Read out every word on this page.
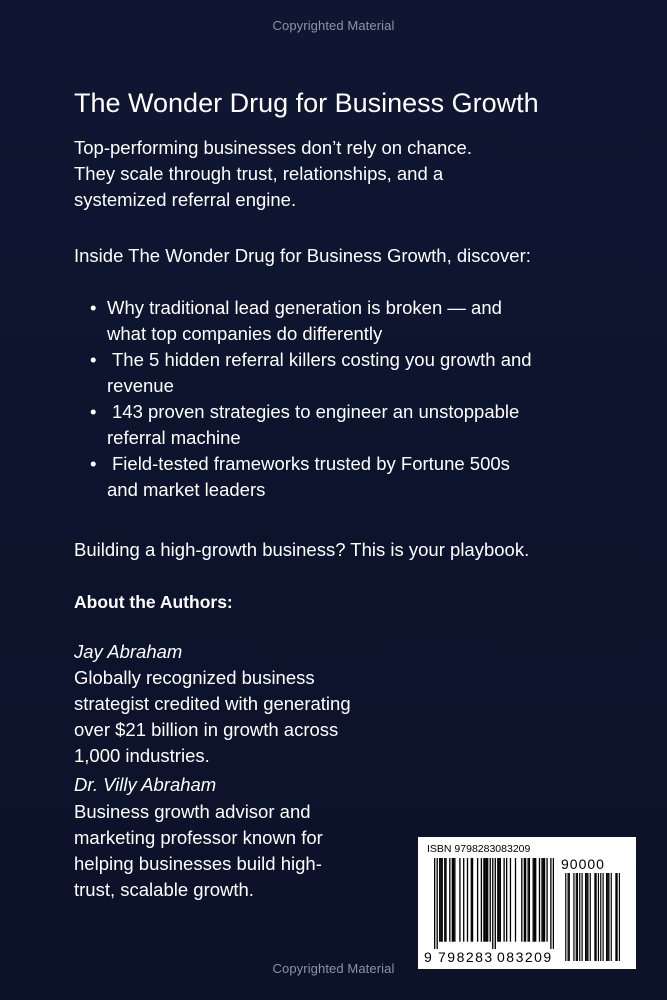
Copyrighted Material
The Wonder Drug for Business Growth

Top-performing businesses don’t rely on chance.
They scale through trust, relationships, and a
systemized referral engine.

Inside The Wonder Drug for Business Growth, discover:

• Why traditional lead generation is broken — and
what top companies do differently
• The 5 hidden referral killers costing you growth and
revenue
• 143 proven strategies to engineer an unstoppable
referral machine
• Field-tested frameworks trusted by Fortune 500s
and market leaders

Building a high-growth business? This is your playbook.

About the Authors:

Jay Abraham

Globally recognized business
strategist credited with generating
over $21 billion in growth across
1,000 industries.

Dr. Villy Abraham

Business growth advisor and
marketing professor known for
helping businesses build high-
trust, scalable growth.

ISBN 9798283083209
90000
9 798283 083209
Copyrighted Material
